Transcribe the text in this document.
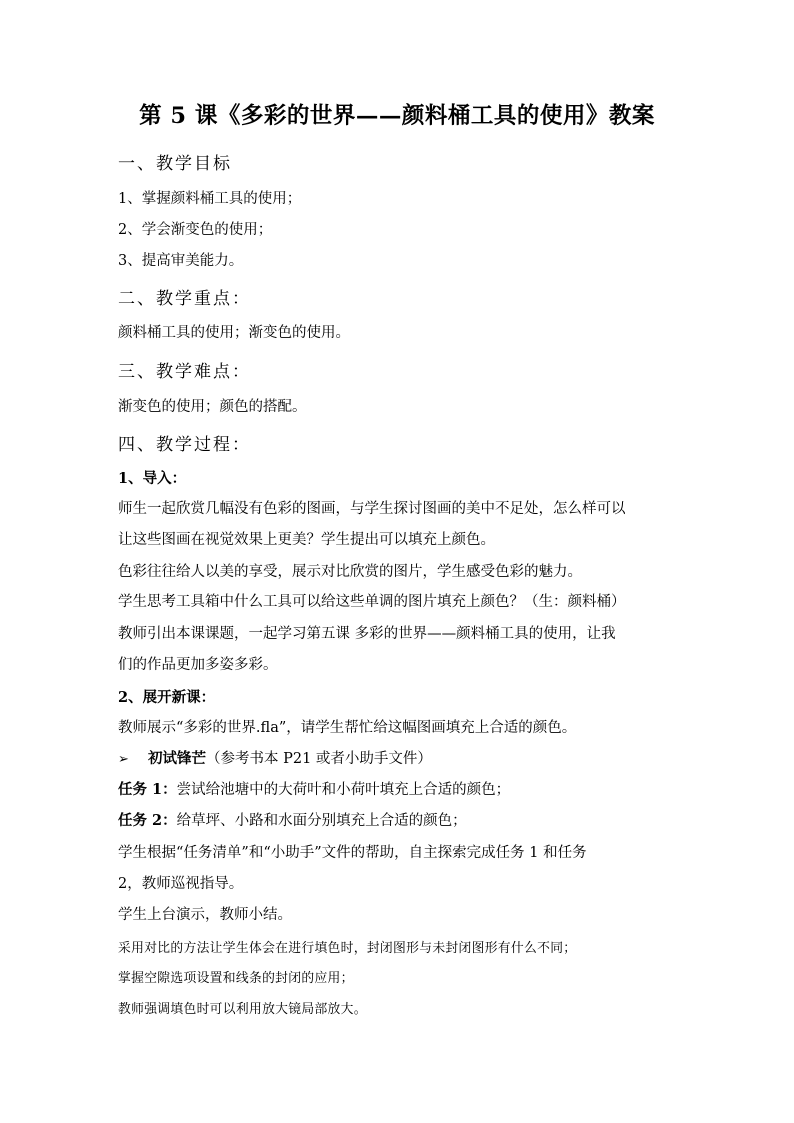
第 5 课《多彩的世界——颜料桶工具的使用》教案
一、教学目标
1、掌握颜料桶工具的使用；
2、学会渐变色的使用；
3、提高审美能力。
二、教学重点：
颜料桶工具的使用；渐变色的使用。
三、教学难点：
渐变色的使用；颜色的搭配。
四、教学过程：
1、导入：
师生一起欣赏几幅没有色彩的图画，与学生探讨图画的美中不足处，怎么样可以
让这些图画在视觉效果上更美？学生提出可以填充上颜色。
色彩往往给人以美的享受，展示对比欣赏的图片，学生感受色彩的魅力。
学生思考工具箱中什么工具可以给这些单调的图片填充上颜色？（生：颜料桶）
教师引出本课课题，一起学习第五课 多彩的世界——颜料桶工具的使用，让我
们的作品更加多姿多彩。
2、展开新课：
教师展示“多彩的世界.fla”，请学生帮忙给这幅图画填充上合适的颜色。
➢ 初试锋芒（参考书本 P21 或者小助手文件）
任务 1：尝试给池塘中的大荷叶和小荷叶填充上合适的颜色；
任务 2：给草坪、小路和水面分别填充上合适的颜色；
学生根据“任务清单”和“小助手”文件的帮助，自主探索完成任务 1 和任务
2，教师巡视指导。
学生上台演示，教师小结。
采用对比的方法让学生体会在进行填色时，封闭图形与未封闭图形有什么不同；
掌握空隙选项设置和线条的封闭的应用；
教师强调填色时可以利用放大镜局部放大。
